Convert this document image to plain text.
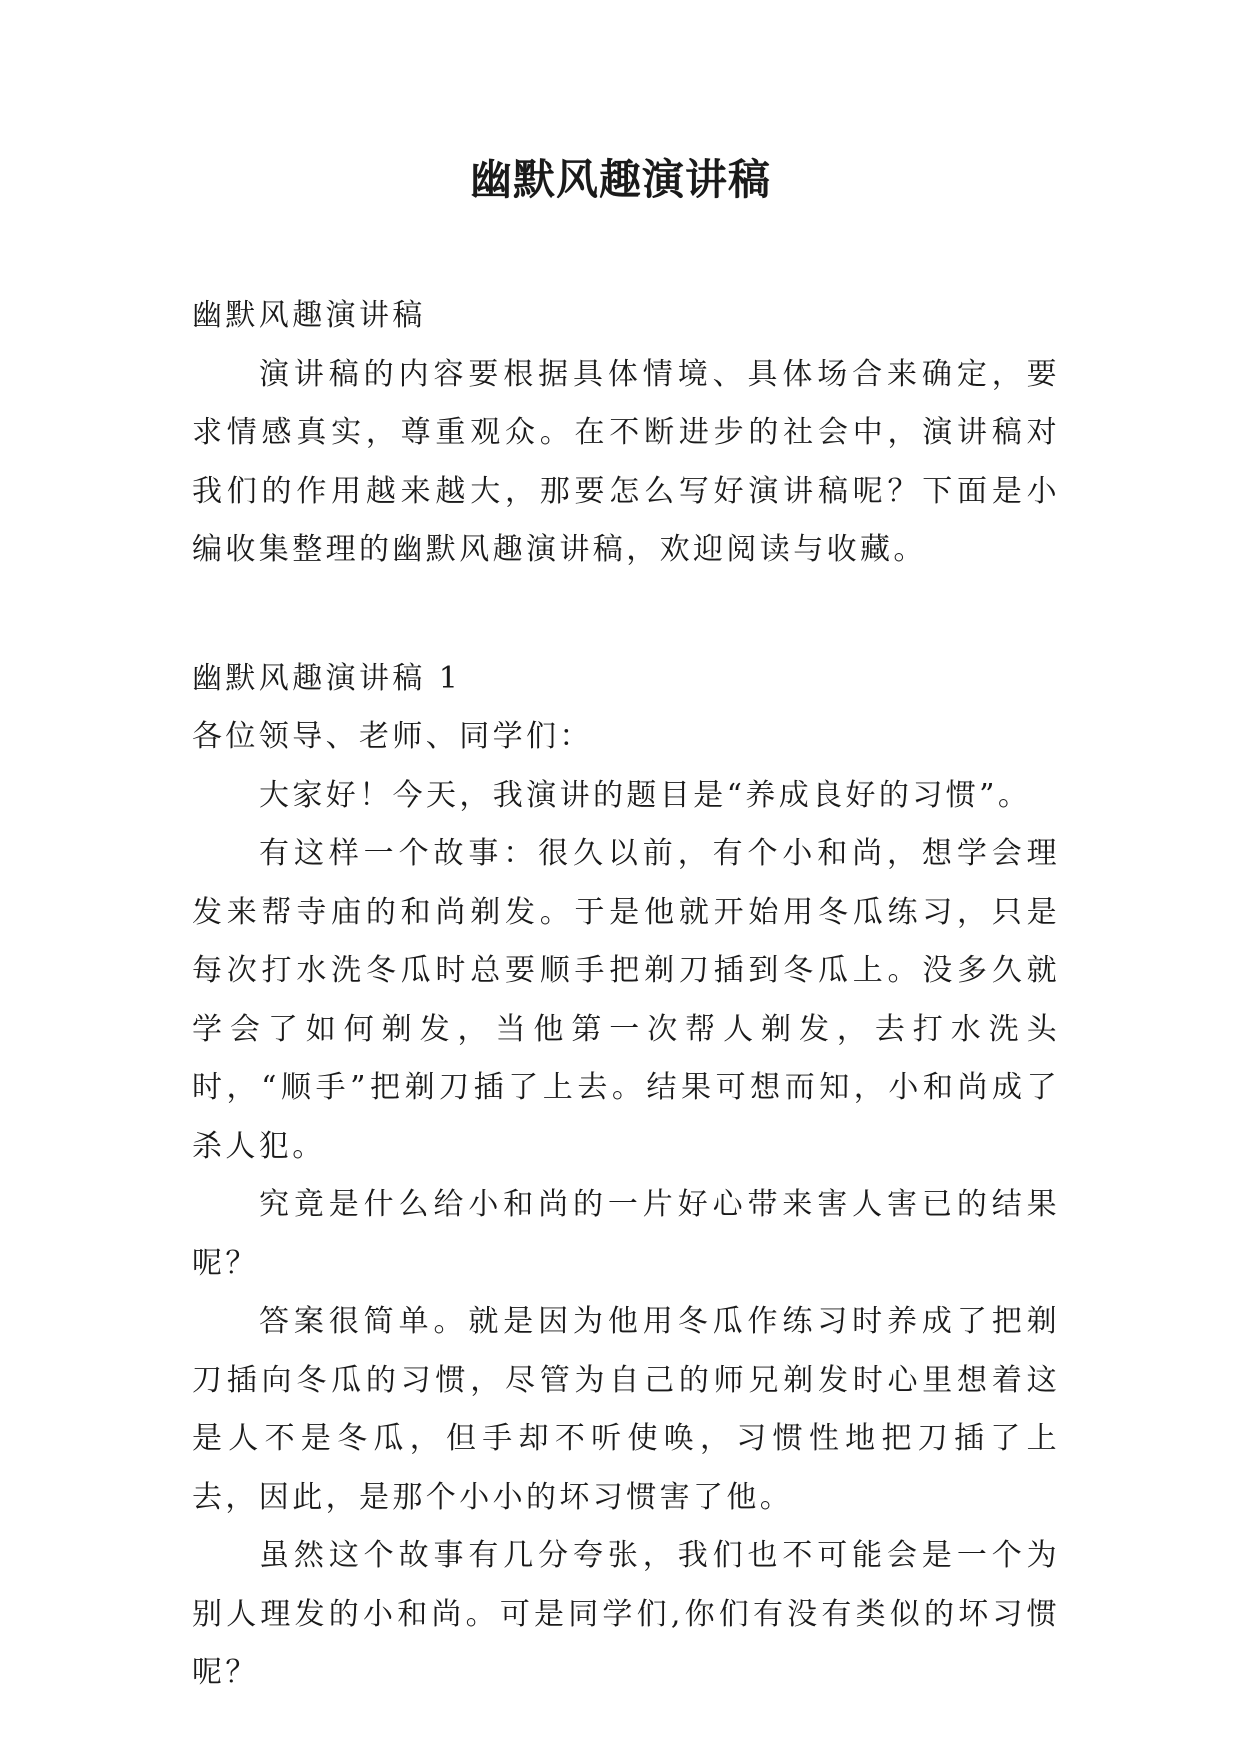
幽默风趣演讲稿

幽默风趣演讲稿

演讲稿的内容要根据具体情境、具体场合来确定，要求情感真实，尊重观众。在不断进步的社会中，演讲稿对我们的作用越来越大，那要怎么写好演讲稿呢？下面是小编收集整理的幽默风趣演讲稿，欢迎阅读与收藏。

幽默风趣演讲稿 1

各位领导、老师、同学们：

大家好！今天，我演讲的题目是“养成良好的习惯”。

有这样一个故事：很久以前，有个小和尚，想学会理发来帮寺庙的和尚剃发。于是他就开始用冬瓜练习，只是每次打水洗冬瓜时总要顺手把剃刀插到冬瓜上。没多久就学会了如何剃发，当他第一次帮人剃发，去打水洗头时，“顺手”把剃刀插了上去。结果可想而知，小和尚成了杀人犯。

究竟是什么给小和尚的一片好心带来害人害已的结果呢？

答案很简单。就是因为他用冬瓜作练习时养成了把剃刀插向冬瓜的习惯，尽管为自己的师兄剃发时心里想着这是人不是冬瓜，但手却不听使唤，习惯性地把刀插了上去，因此，是那个小小的坏习惯害了他。

虽然这个故事有几分夸张，我们也不可能会是一个为别人理发的小和尚。可是同学们,你们有没有类似的坏习惯呢？
